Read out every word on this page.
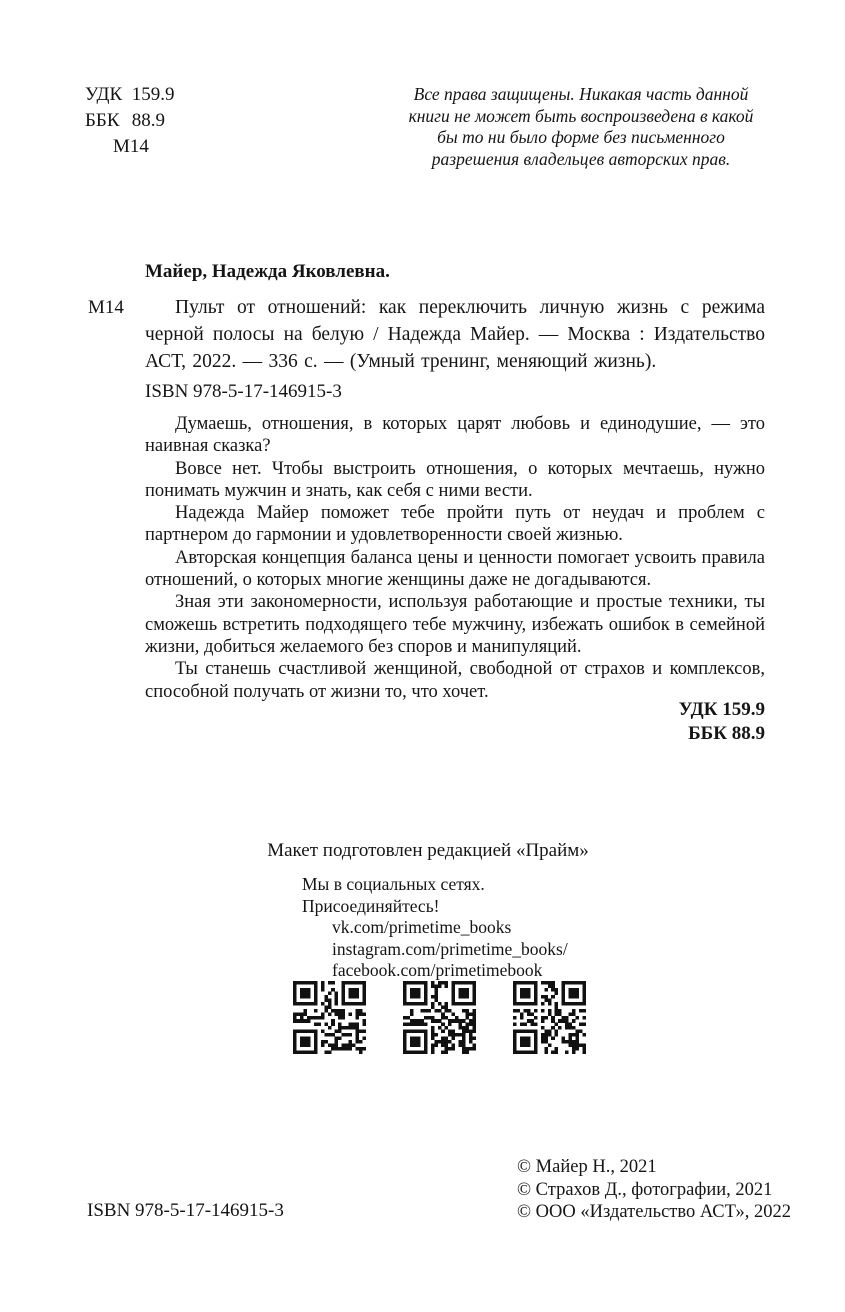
УДК 159.9
ББК 88.9
М14
Все права защищены. Никакая часть данной
книги не может быть воспроизведена в какой
бы то ни было форме без письменного
разрешения владельцев авторских прав.
Майер, Надежда Яковлевна.
М14	Пульт от отношений: как переключить личную жизнь с режима черной полосы на белую / Надежда Майер. — Москва : Издательство АСТ, 2022. — 336 с. — (Умный тренинг, меняющий жизнь).
ISBN 978-5-17-146915-3

Думаешь, отношения, в которых царят любовь и единодушие, — это наивная сказка?

Вовсе нет. Чтобы выстроить отношения, о которых мечтаешь, нужно понимать мужчин и знать, как себя с ними вести.

Надежда Майер поможет тебе пройти путь от неудач и проблем с партнером до гармонии и удовлетворенности своей жизнью.

Авторская концепция баланса цены и ценности помогает усвоить правила отношений, о которых многие женщины даже не догадываются.

Зная эти закономерности, используя работающие и простые техники, ты сможешь встретить подходящего тебе мужчину, избежать ошибок в семейной жизни, добиться желаемого без споров и манипуляций.

Ты станешь счастливой женщиной, свободной от страхов и комплексов, способной получать от жизни то, что хочет.

УДК 159.9
ББК 88.9
Макет подготовлен редакцией «Прайм»
Мы в социальных сетях.
Присоединяйтесь!
vk.com/primetime_books
instagram.com/primetime_books/
facebook.com/primetimebook
ISBN 978-5-17-146915-3
© Майер Н., 2021
© Страхов Д., фотографии, 2021
© ООО «Издательство АСТ», 2022
